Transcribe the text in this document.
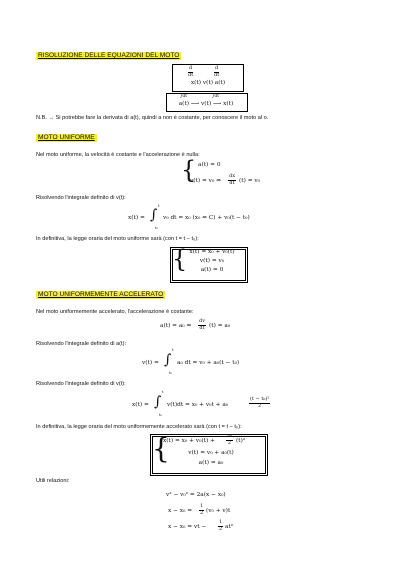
RISOLUZIONE DELLE EQUAZIONI DEL MOTO
$\frac{d}{dt}$	$\frac{d}{dt}$
x(t) v(t) a(t)
∫dt	∫dt
a(t) ⟶ v(t) ⟶ x(t)
N.B. → Si potrebbe fare la derivata di a(t), quindi a non è costante, per conoscere il moto al o.
MOTO UNIFORME
Nel moto uniforme, la velocità è costante e l'accelerazione è nulla:
{ a(t) = 0
v(t) = v₀ ⇔ $\frac{dx}{dt} (t) = v_0$
Risolvendo l'integrale definito di v(t):
x(t) = ∫
t
t₀
v₀ dt = x₀ (x₀ ⇔ C) + v₀(t − t₀)
In definitiva, la legge oraria del moto uniforme sarà (con t = t − t₀):
{ x(t) = x₀ + v₀(t)
v(t) = v₀
a(t) = 0
MOTO UNIFORMEMENTE ACCELERATO
Nel moto uniformemente accelerato, l'accelerazione è costante:
a(t) = a₀ ⇔ $\frac{dv}{dt} (t) = a_0$
Risolvendo l'integrale definito di a(t):
v(t) = ∫
t
t₀
a₀ dt = v₀ + a₀(t − t₀)
Risolvendo l'integrale definito di v(t):
x(t) = ∫
t
t₀
v(t)dt = x₀ + v₀t + a₀	$\frac{\text{(t − t₀)²}}{2}$
In definitiva, la legge oraria del moto uniformemente accelerato sarà (con t = t − t₀):
{
$x(t) = x_0 + v_0(t) + \frac{\text{a₀}}{2} (t)^2$
v(t) = v₀ + a₀(t)
a(t) = a₀
Utili relazioni:
v² − v₀² = 2a(x − x₀)
$x - x_0 = \frac{1}{2} (v_0 + v)t$
x − x₀ = vt − $\frac{1}{2} at^2$
